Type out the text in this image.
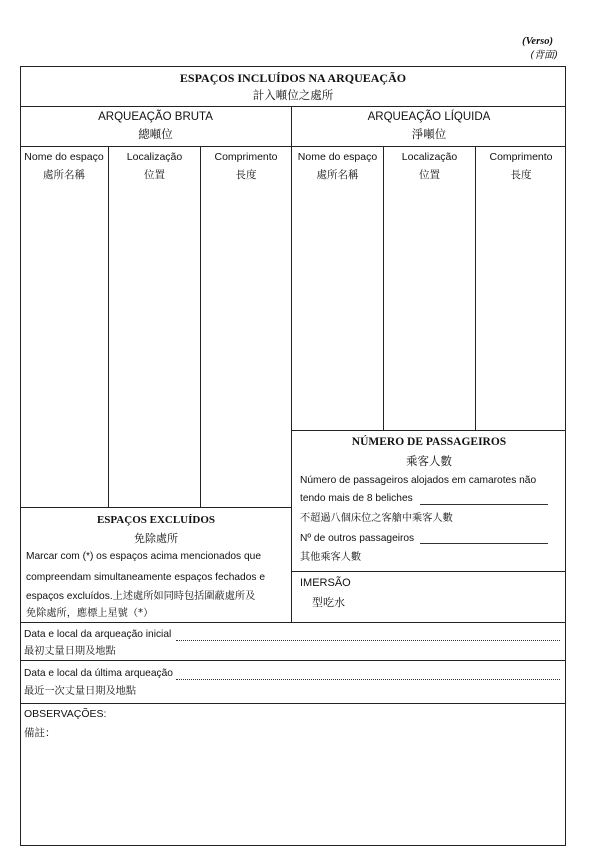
(Verso)
(背面)
ESPAÇOS INCLUÍDOS NA ARQUEAÇÃO
計入噸位之處所
ARQUEAÇÃO BRUTA
總噸位
ARQUEAÇÃO LÍQUIDA
淨噸位
Nome do espaço
處所名稱
Localização
位置
Comprimento
長度
Nome do espaço
處所名稱
Localização
位置
Comprimento
長度
ESPAÇOS EXCLUÍDOS
免除處所
Marcar com (*) os espaços acima mencionados que
compreendam simultaneamente espaços fechados e
espaços excluídos.上述處所如同時包括圍蔽處所及
免除處所，應標上星號（*）
NÚMERO DE PASSAGEIROS
乘客人數
Número de passageiros alojados em camarotes não
tendo mais de 8 beliches
不超過八個床位之客艙中乘客人數
Nº de outros passageiros
其他乘客人數
IMERSÃO
型吃水
Data e local da arqueação inicial
最初丈量日期及地點
Data e local da última arqueação
最近一次丈量日期及地點
OBSERVAÇÕES:
備註：
